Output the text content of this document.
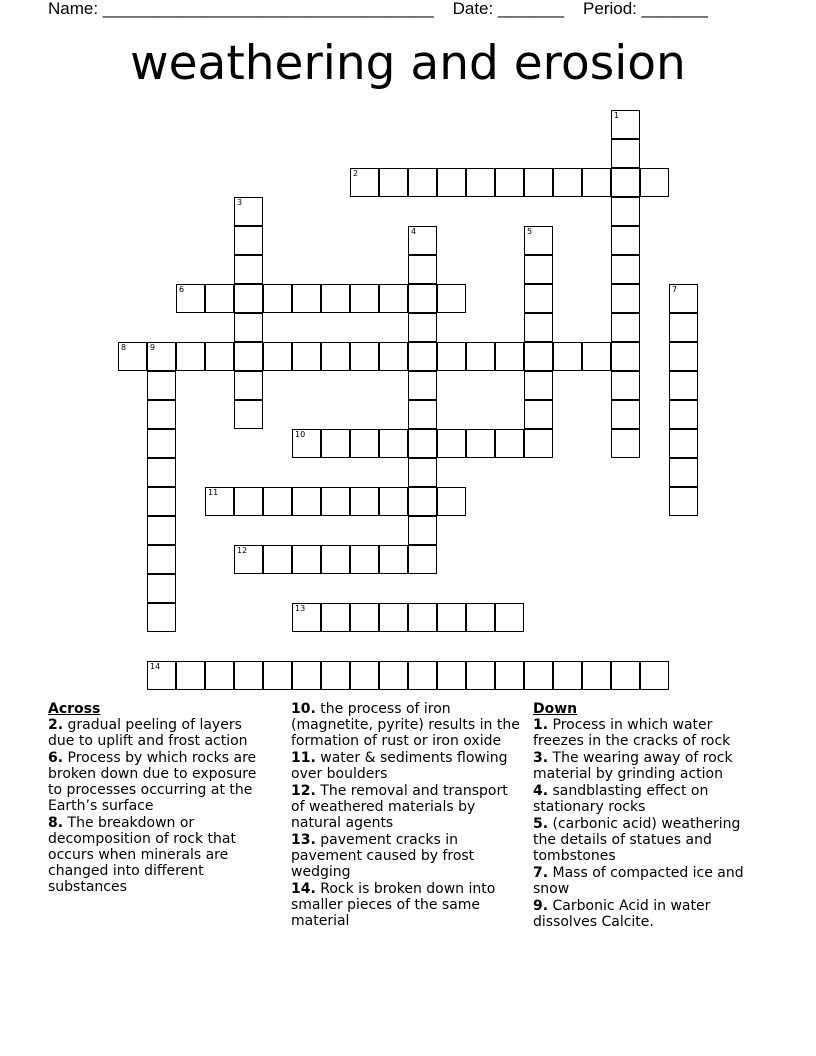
Name: ___________________________________    Date: _______    Period: _______
weathering and erosion
1
2
3
4	5
6	7
8	9
10
11
12
13
14

Across

2. gradual peeling of layers due to uplift and frost action

6. Process by which rocks are broken down due to exposure to processes occurring at the Earth’s surface

8. The breakdown or decomposition of rock that occurs when minerals are changed into different substances

10. the process of iron (magnetite, pyrite) results in the formation of rust or iron oxide

11. water & sediments flowing over boulders

12. The removal and transport of weathered materials by natural agents

13. pavement cracks in pavement caused by frost wedging

14. Rock is broken down into smaller pieces of the same material

Down

1. Process in which water freezes in the cracks of rock

3. The wearing away of rock material by grinding action

4. sandblasting effect on stationary rocks

5. (carbonic acid) weathering the details of statues and tombstones

7. Mass of compacted ice and snow

9. Carbonic Acid in water dissolves Calcite.
